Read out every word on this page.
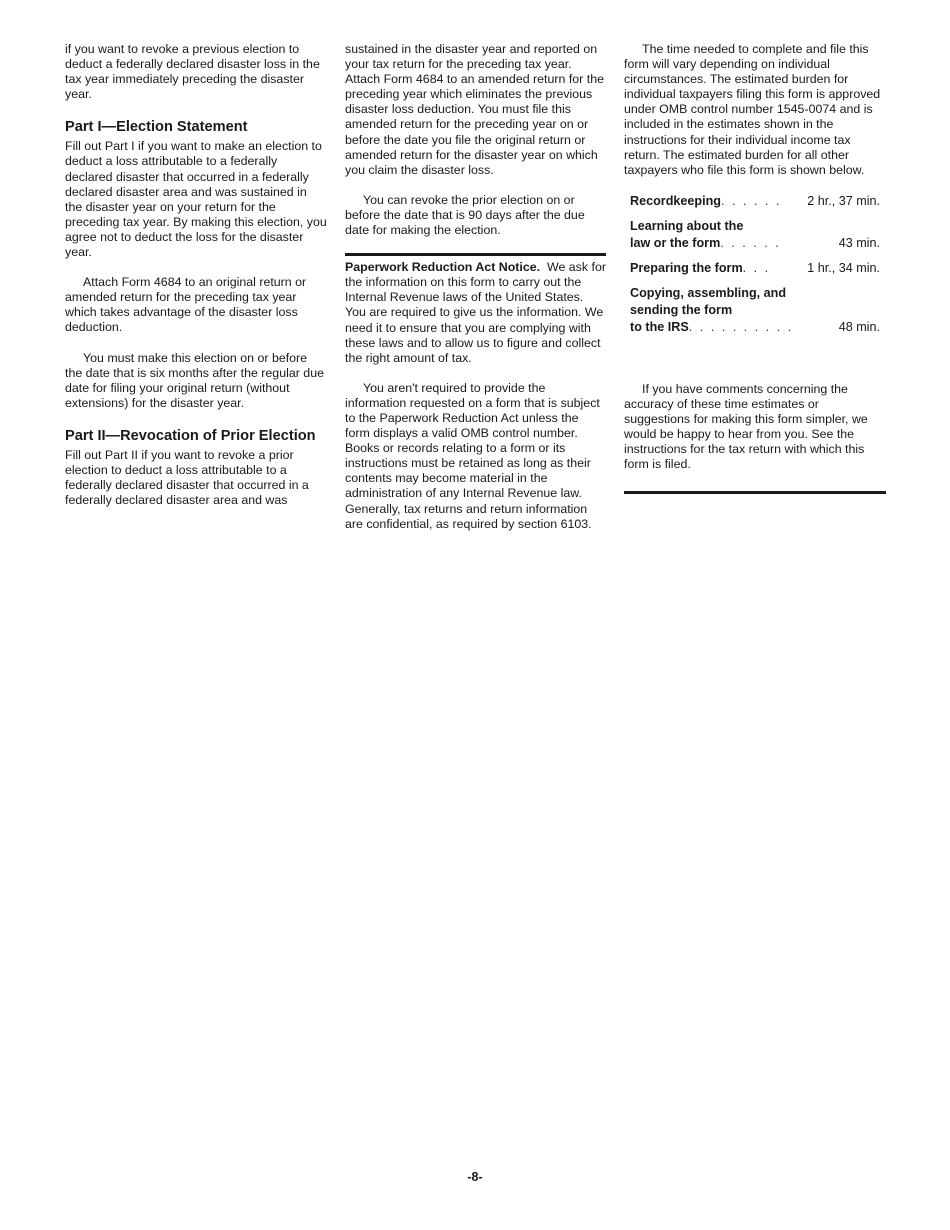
if you want to revoke a previous election to deduct a federally declared disaster loss in the tax year immediately preceding the disaster year.

Part I—Election Statement

Fill out Part I if you want to make an election to deduct a loss attributable to a federally declared disaster that occurred in a federally declared disaster area and was sustained in the disaster year on your return for the preceding tax year. By making this election, you agree not to deduct the loss for the disaster year.

Attach Form 4684 to an original return or amended return for the preceding tax year which takes advantage of the disaster loss deduction.

You must make this election on or before the date that is six months after the regular due date for filing your original return (without extensions) for the disaster year.

Part II—Revocation of Prior Election

Fill out Part II if you want to revoke a prior election to deduct a loss attributable to a federally declared disaster that occurred in a federally declared disaster area and was

sustained in the disaster year and reported on your tax return for the preceding tax year. Attach Form 4684 to an amended return for the preceding year which eliminates the previous disaster loss deduction. You must file this amended return for the preceding year on or before the date you file the original return or amended return for the disaster year on which you claim the disaster loss.

You can revoke the prior election on or before the date that is 90 days after the due date for making the election.

Paperwork Reduction Act Notice. We ask for the information on this form to carry out the Internal Revenue laws of the United States. You are required to give us the information. We need it to ensure that you are complying with these laws and to allow us to figure and collect the right amount of tax.

You aren't required to provide the information requested on a form that is subject to the Paperwork Reduction Act unless the form displays a valid OMB control number. Books or records relating to a form or its instructions must be retained as long as their contents may become material in the administration of any Internal Revenue law. Generally, tax returns and return information are confidential, as required by section 6103.

The time needed to complete and file this form will vary depending on individual circumstances. The estimated burden for individual taxpayers filing this form is approved under OMB control number 1545-0074 and is included in the estimates shown in the instructions for their individual income tax return. The estimated burden for all other taxpayers who file this form is shown below.

Recordkeeping. . . . . .	2 hr., 37 min.
Learning about the
law or the form. . . . . .	43 min.
Preparing the form. . .	1 hr., 34 min.
Copying, assembling, and sending the form
to the IRS. . . . . . . . . .	48 min.

If you have comments concerning the accuracy of these time estimates or suggestions for making this form simpler, we would be happy to hear from you. See the instructions for the tax return with which this form is filed.

-8-
